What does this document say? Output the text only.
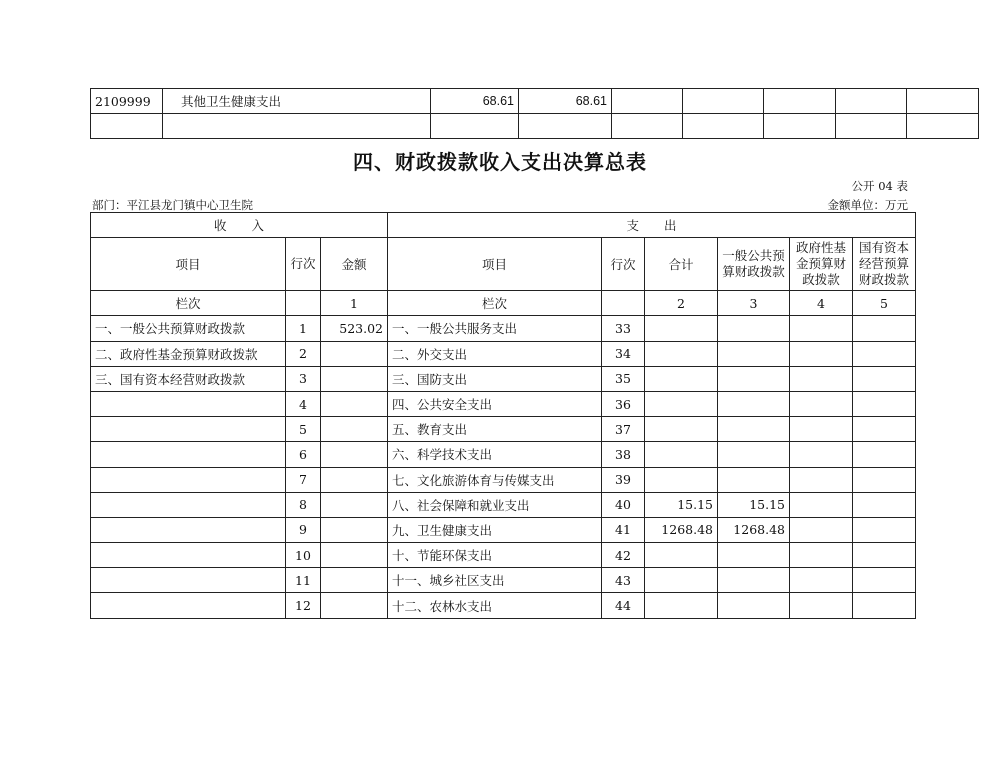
2109999	其他卫生健康支出	68.61	68.61					

四、财政拨款收入支出决算总表
公开 04 表
部门：平江县龙门镇中心卫生院	金额单位：万元
收　　入			支　　出					
项目	行次	金额	项目	行次	合计	一般公共预算财政拨款	政府性基金预算财政拨款	国有资本经营预算财政拨款
栏次		1	栏次		2	3	4	5
一、一般公共预算财政拨款	1	523.02	一、一般公共服务支出	33				
二、政府性基金预算财政拨款	2		二、外交支出	34				
三、国有资本经营财政拨款	3		三、国防支出	35				
	4		四、公共安全支出	36				
	5		五、教育支出	37				
	6		六、科学技术支出	38				
	7		七、文化旅游体育与传媒支出	39				
	8		八、社会保障和就业支出	40	15.15	15.15		
	9		九、卫生健康支出	41	1268.48	1268.48		
	10		十、节能环保支出	42				
	11		十一、城乡社区支出	43				
	12		十二、农林水支出	44				
